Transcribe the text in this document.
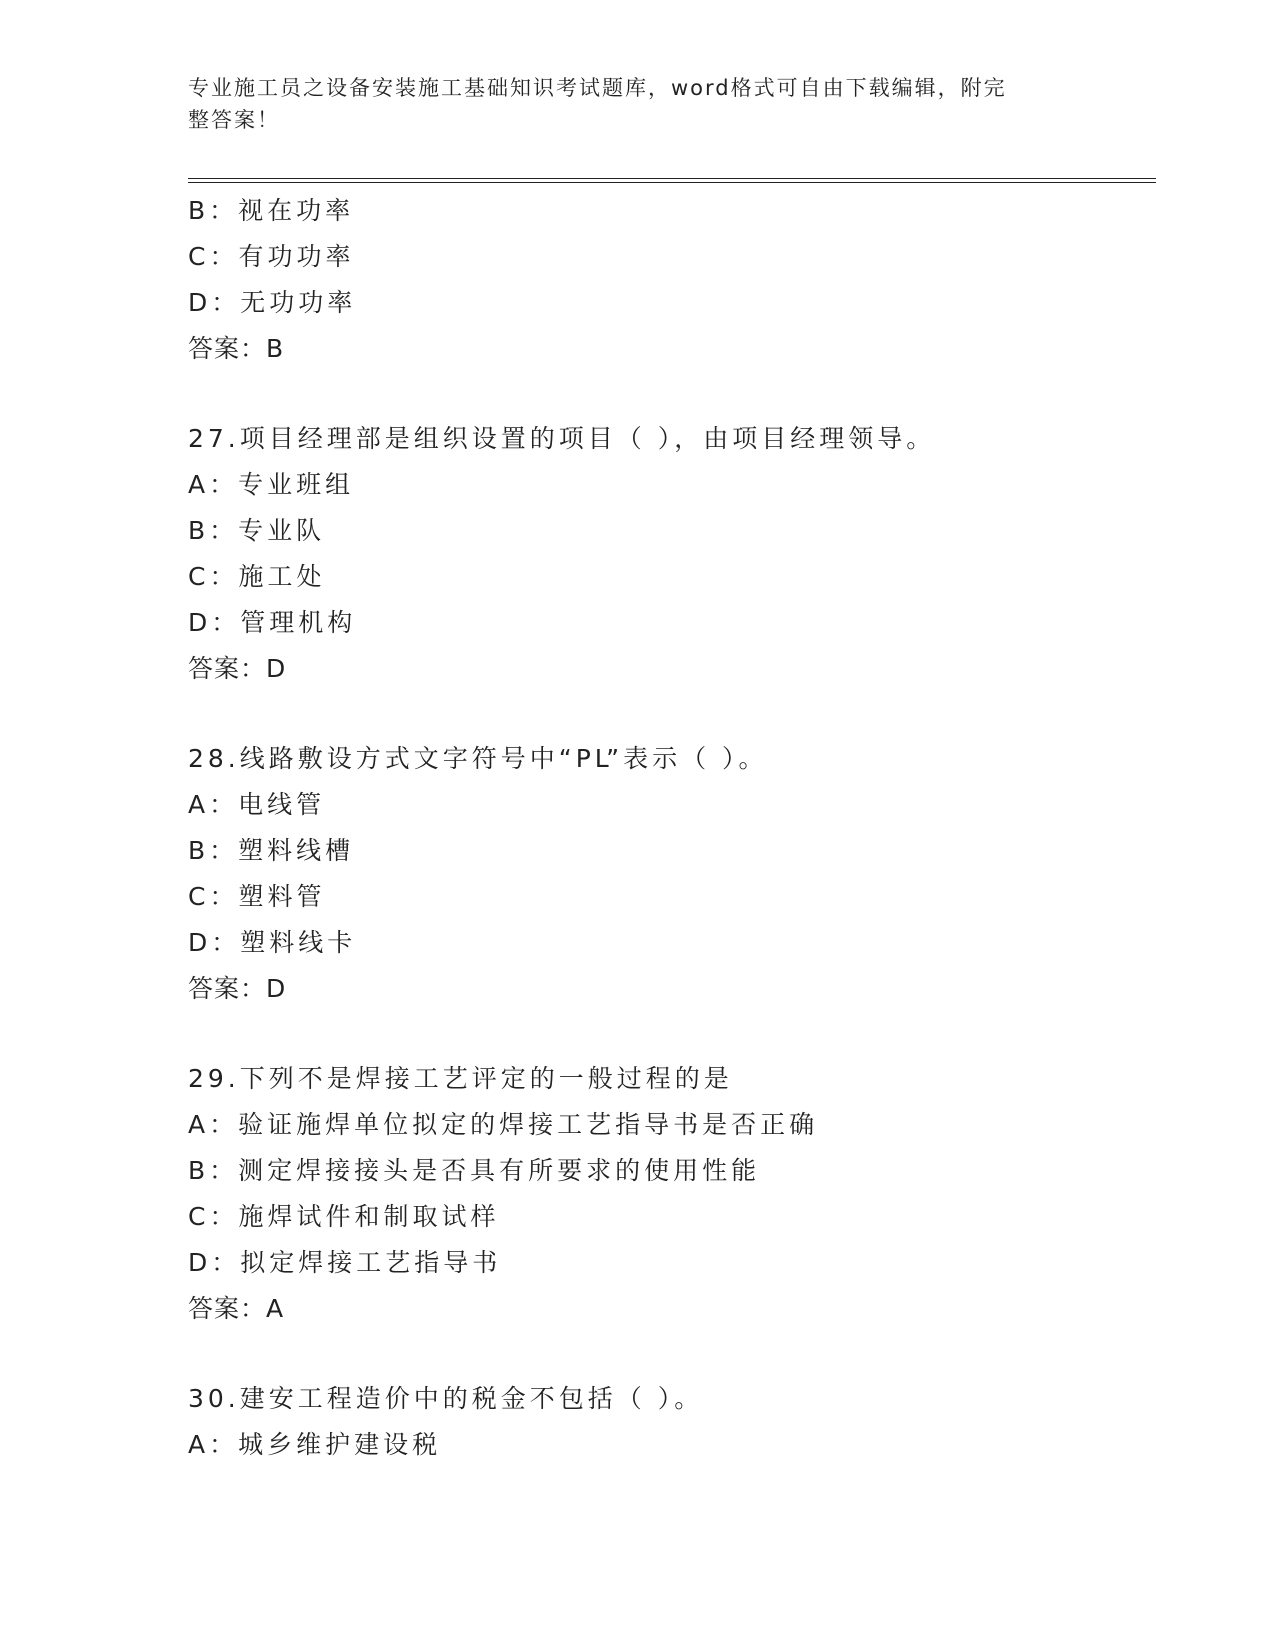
专业施工员之设备安装施工基础知识考试题库，word格式可自由下载编辑，附完
整答案！
B：视在功率
C：有功功率
D：无功功率
答案：B
27.项目经理部是组织设置的项目（ ），由项目经理领导。
A：专业班组
B：专业队
C：施工处
D：管理机构
答案：D
28.线路敷设方式文字符号中“PL”表示（ ）。
A：电线管
B：塑料线槽
C：塑料管
D：塑料线卡
答案：D
29.下列不是焊接工艺评定的一般过程的是
A：验证施焊单位拟定的焊接工艺指导书是否正确
B：测定焊接接头是否具有所要求的使用性能
C：施焊试件和制取试样
D：拟定焊接工艺指导书
答案：A
30.建安工程造价中的税金不包括（ ）。
A：城乡维护建设税
